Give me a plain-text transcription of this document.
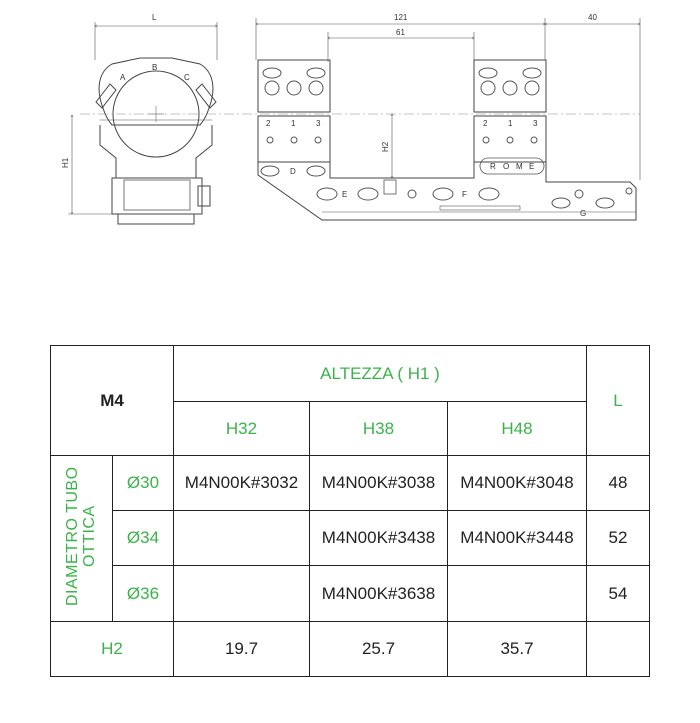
A
B
C
L
H1
121
61
40
H2
2	1	3	2	1	3
D
E	F
G
R O M E
M4		ALTEZZA ( H1 )			L
		H32	H38	H48	
DIAMETRO TUBO OTTICA	Ø30	M4N00K#3032	M4N00K#3038	M4N00K#3048	48
	Ø34		M4N00K#3438	M4N00K#3448	52
	Ø36		M4N00K#3638		54
H2		19.7	25.7	35.7	
